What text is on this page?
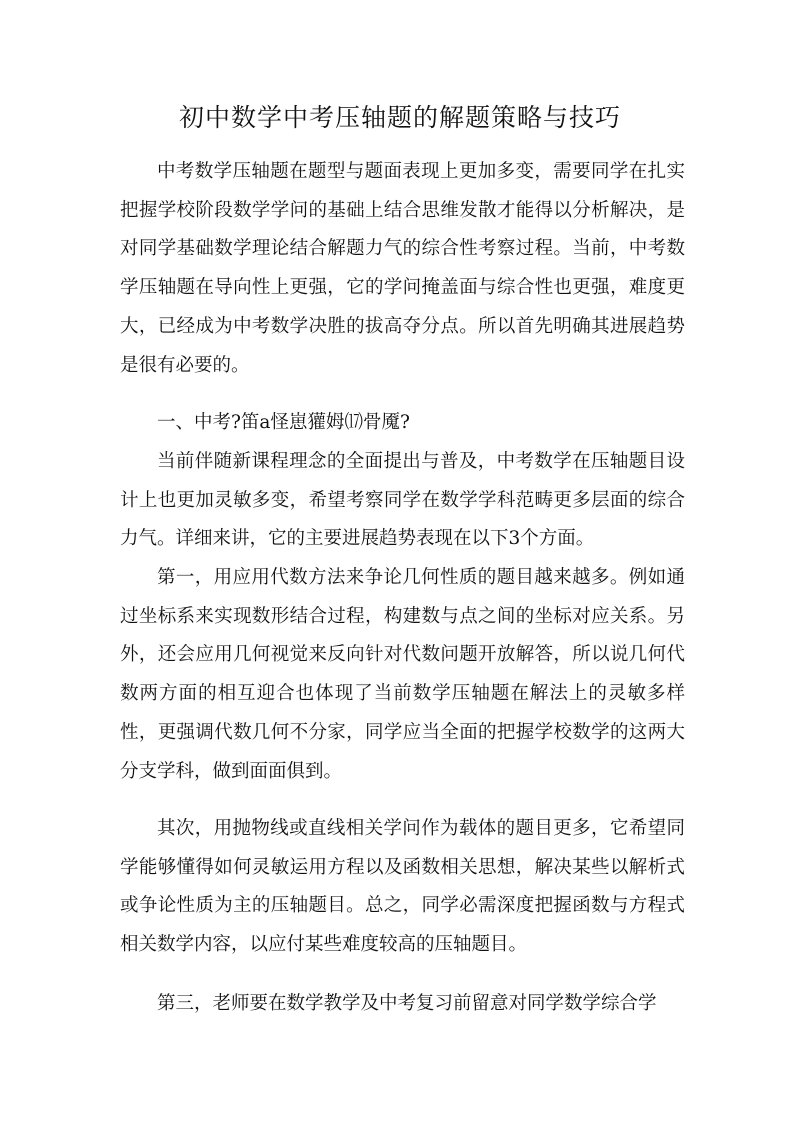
初中数学中考压轴题的解题策略与技巧

中考数学压轴题在题型与题面表现上更加多变，需要同学在扎实把握学校阶段数学学问的基础上结合思维发散才能得以分析解决，是对同学基础数学理论结合解题力气的综合性考察过程。当前，中考数学压轴题在导向性上更强，它的学问掩盖面与综合性也更强，难度更大，已经成为中考数学决胜的拔高夺分点。所以首先明确其进展趋势是很有必要的。

一、中考?笛а怪崽獾姆⒄骨魇?

当前伴随新课程理念的全面提出与普及，中考数学在压轴题目设计上也更加灵敏多变，希望考察同学在数学学科范畴更多层面的综合力气。详细来讲，它的主要进展趋势表现在以下3个方面。

第一，用应用代数方法来争论几何性质的题目越来越多。例如通过坐标系来实现数形结合过程，构建数与点之间的坐标对应关系。另外，还会应用几何视觉来反向针对代数问题开放解答，所以说几何代数两方面的相互迎合也体现了当前数学压轴题在解法上的灵敏多样性，更强调代数几何不分家，同学应当全面的把握学校数学的这两大分支学科，做到面面俱到。

其次，用抛物线或直线相关学问作为载体的题目更多，它希望同学能够懂得如何灵敏运用方程以及函数相关思想，解决某些以解析式或争论性质为主的压轴题目。总之，同学必需深度把握函数与方程式相关数学内容，以应付某些难度较高的压轴题目。

第三，老师要在数学教学及中考复习前留意对同学数学综合学
